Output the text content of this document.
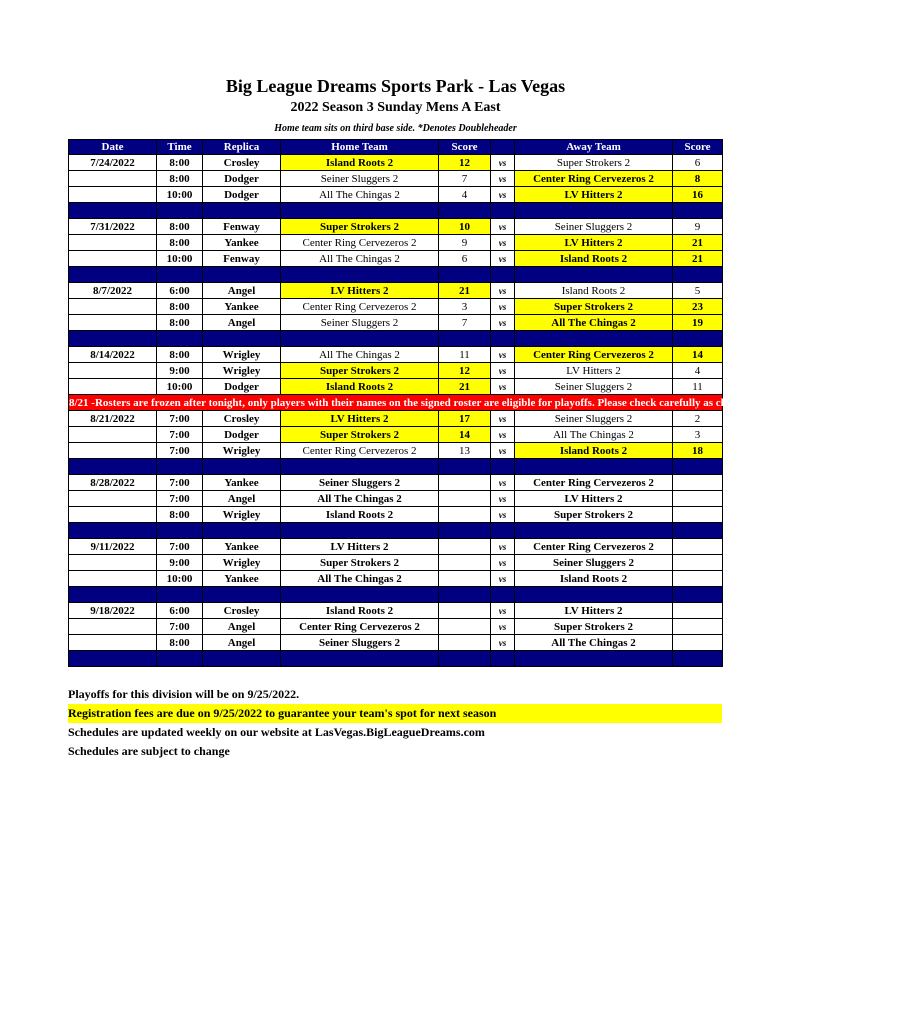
Big League Dreams Sports Park - Las Vegas
2022 Season 3 Sunday Mens A East
Home team sits on third base side. *Denotes Doubleheader
Date	Time	Replica	Home Team	Score		Away Team	Score
7/24/2022	8:00	Crosley	Island Roots 2	12	vs	Super Strokers 2	6
	8:00	Dodger	Seiner Sluggers 2	7	vs	Center Ring Cervezeros 2	8
	10:00	Dodger	All The Chingas 2	4	vs	LV Hitters 2	16

7/31/2022	8:00	Fenway	Super Strokers 2	10	vs	Seiner Sluggers 2	9
	8:00	Yankee	Center Ring Cervezeros 2	9	vs	LV Hitters 2	21
	10:00	Fenway	All The Chingas 2	6	vs	Island Roots 2	21

8/7/2022	6:00	Angel	LV Hitters 2	21	vs	Island Roots 2	5
	8:00	Yankee	Center Ring Cervezeros 2	3	vs	Super Strokers 2	23
	8:00	Angel	Seiner Sluggers 2	7	vs	All The Chingas 2	19

8/14/2022	8:00	Wrigley	All The Chingas 2	11	vs	Center Ring Cervezeros 2	14
	9:00	Wrigley	Super Strokers 2	12	vs	LV Hitters 2	4
	10:00	Dodger	Island Roots 2	21	vs	Seiner Sluggers 2	11
8/21 -Rosters are frozen after tonight, only players with their names on the signed roster are eligible for playoffs. Please check carefully as changes will not be made for omissions.							
8/21/2022	7:00	Crosley	LV Hitters 2	17	vs	Seiner Sluggers 2	2
	7:00	Dodger	Super Strokers 2	14	vs	All The Chingas 2	3
	7:00	Wrigley	Center Ring Cervezeros 2	13	vs	Island Roots 2	18

8/28/2022	7:00	Yankee	Seiner Sluggers 2		vs	Center Ring Cervezeros 2	
	7:00	Angel	All The Chingas 2		vs	LV Hitters 2	
	8:00	Wrigley	Island Roots 2		vs	Super Strokers 2	

9/11/2022	7:00	Yankee	LV Hitters 2		vs	Center Ring Cervezeros 2	
	9:00	Wrigley	Super Strokers 2		vs	Seiner Sluggers 2	
	10:00	Yankee	All The Chingas 2		vs	Island Roots 2	

9/18/2022	6:00	Crosley	Island Roots 2		vs	LV Hitters 2	
	7:00	Angel	Center Ring Cervezeros 2		vs	Super Strokers 2	
	8:00	Angel	Seiner Sluggers 2		vs	All The Chingas 2	

Playoffs for this division will be on 9/25/2022.
Registration fees are due on 9/25/2022 to guarantee your team's spot for next season
Schedules are updated weekly on our website at LasVegas.BigLeagueDreams.com
Schedules are subject to change
